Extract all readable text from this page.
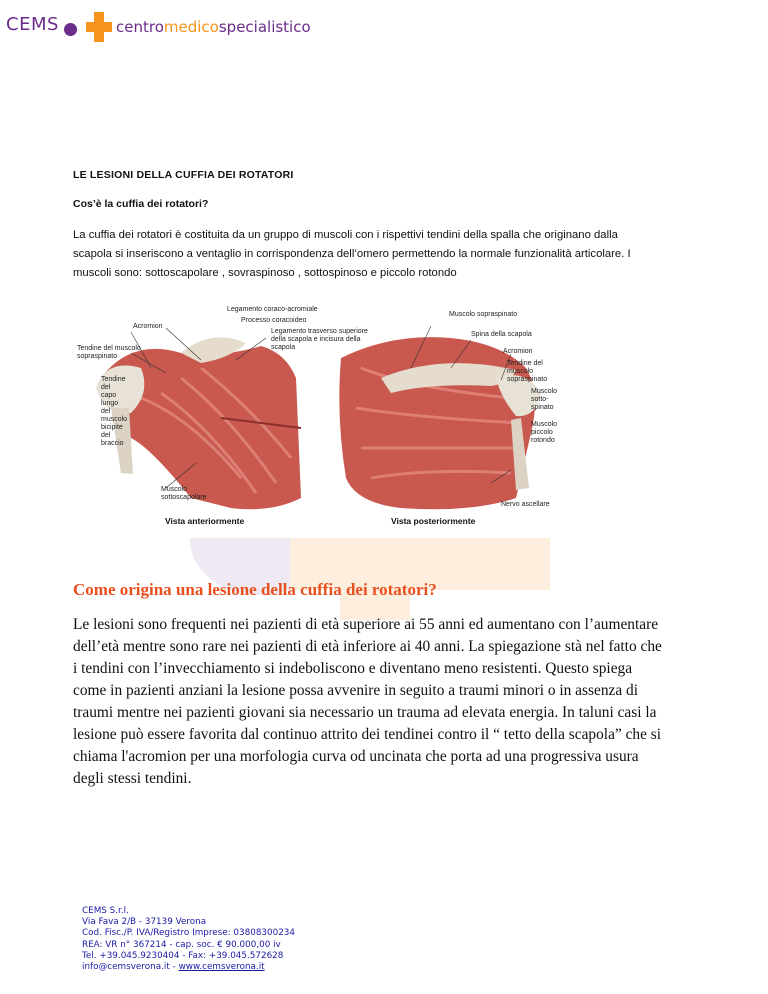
CEMS	centromedicospecialistico
LE LESIONI DELLA CUFFIA DEI ROTATORI
Cos’è la cuffia dei rotatori?
La cuffia dei rotatori è costituita da un gruppo di muscoli con i rispettivi tendini della spalla che originano dalla scapola si inseriscono a ventaglio in corrispondenza dell’omero permettendo la normale funzionalità articolare. I muscoli sono: sottoscapolare , sovraspinoso , sottospinoso e piccolo rotondo
Legamento coraco-acromiale
Processo coracoideo
Acromion
Legamento trasverso superiore della scapola e incisura della scapola
Tendine del muscolo sopraspinato
Tendine del capo lungo del muscolo bicipite del braccio
Muscolo sottoscapolare
Muscolo sopraspinato
Spina della scapola
Acromion
Tendine del muscolo sopraspinato
Muscolo sotto-spinato
Muscolo piccolo rotondo
Nervo ascellare
Vista anteriormente	Vista posteriormente
Come origina una lesione della cuffia dei rotatori?
Le lesioni sono frequenti nei pazienti di età superiore ai 55 anni ed aumentano con l’aumentare dell’età mentre sono rare nei pazienti di età inferiore ai 40 anni. La spiegazione stà nel fatto che i tendini con l’invecchiamento si indeboliscono e diventano meno resistenti. Questo spiega come in pazienti anziani la lesione possa avvenire in seguito a traumi minori o in assenza di traumi mentre nei pazienti giovani sia necessario un trauma ad elevata energia. In taluni casi la lesione può essere favorita dal continuo attrito dei tendinei contro il “ tetto della scapola” che si chiama l'acromion per una morfologia curva od uncinata che porta ad una progressiva usura degli stessi tendini.
CEMS S.r.l.
Via Fava 2/B - 37139 Verona
Cod. Fisc./P. IVA/Registro Imprese: 03808300234
REA: VR n° 367214 - cap. soc. € 90.000,00 iv
Tel. +39.045.9230404 - Fax: +39.045.572628
info@cemsverona.it - www.cemsverona.it
